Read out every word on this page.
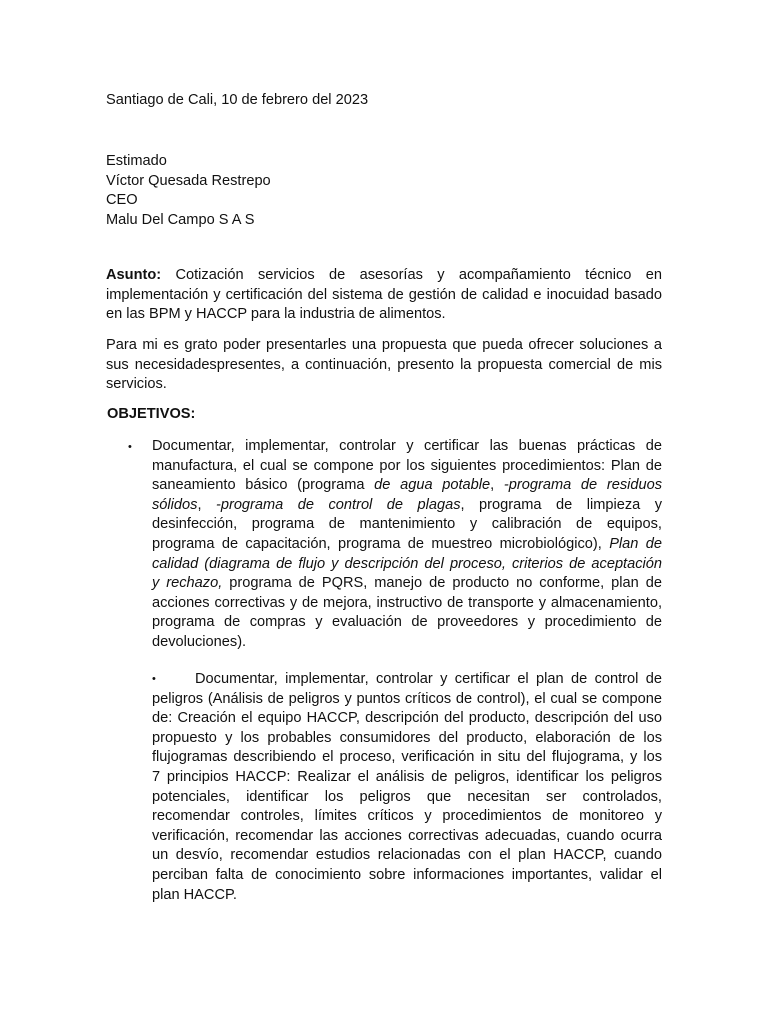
Santiago de Cali, 10 de febrero del 2023

Estimado
Víctor Quesada Restrepo
CEO
Malu Del Campo S A S
Asunto: Cotización servicios de asesorías y acompañamiento técnico en
implementación y certificación del sistema de gestión de calidad e inocuidad basado
en las BPM y HACCP para la industria de alimentos.
Para mi es grato poder presentarles una propuesta que pueda ofrecer soluciones a
sus necesidadespresentes, a continuación, presento la propuesta comercial de mis
servicios.

OBJETIVOS:

• Documentar, implementar, controlar y certificar las buenas prácticas de
manufactura, el cual se compone por los siguientes procedimientos: Plan de
saneamiento básico (programa de agua potable, -programa de residuos
sólidos, -programa de control de plagas, programa de limpieza y
desinfección, programa de mantenimiento y calibración de equipos,
programa de capacitación, programa de muestreo microbiológico), Plan de
calidad (diagrama de flujo y descripción del proceso, criterios de aceptación
y rechazo, programa de PQRS, manejo de producto no conforme, plan de
acciones correctivas y de mejora, instructivo de transporte y almacenamiento,
programa de compras y evaluación de proveedores y procedimiento de
devoluciones).
•	Documentar, implementar, controlar y certificar el plan de control de
peligros (Análisis de peligros y puntos críticos de control), el cual se compone
de: Creación el equipo HACCP, descripción del producto, descripción del uso
propuesto y los probables consumidores del producto, elaboración de los
flujogramas describiendo el proceso, verificación in situ del flujograma, y los
7 principios HACCP: Realizar el análisis de peligros, identificar los peligros
potenciales, identificar los peligros que necesitan ser controlados,
recomendar controles, límites críticos y procedimientos de monitoreo y
verificación, recomendar las acciones correctivas adecuadas, cuando ocurra
un desvío, recomendar estudios relacionadas con el plan HACCP, cuando
perciban falta de conocimiento sobre informaciones importantes, validar el
plan HACCP.
